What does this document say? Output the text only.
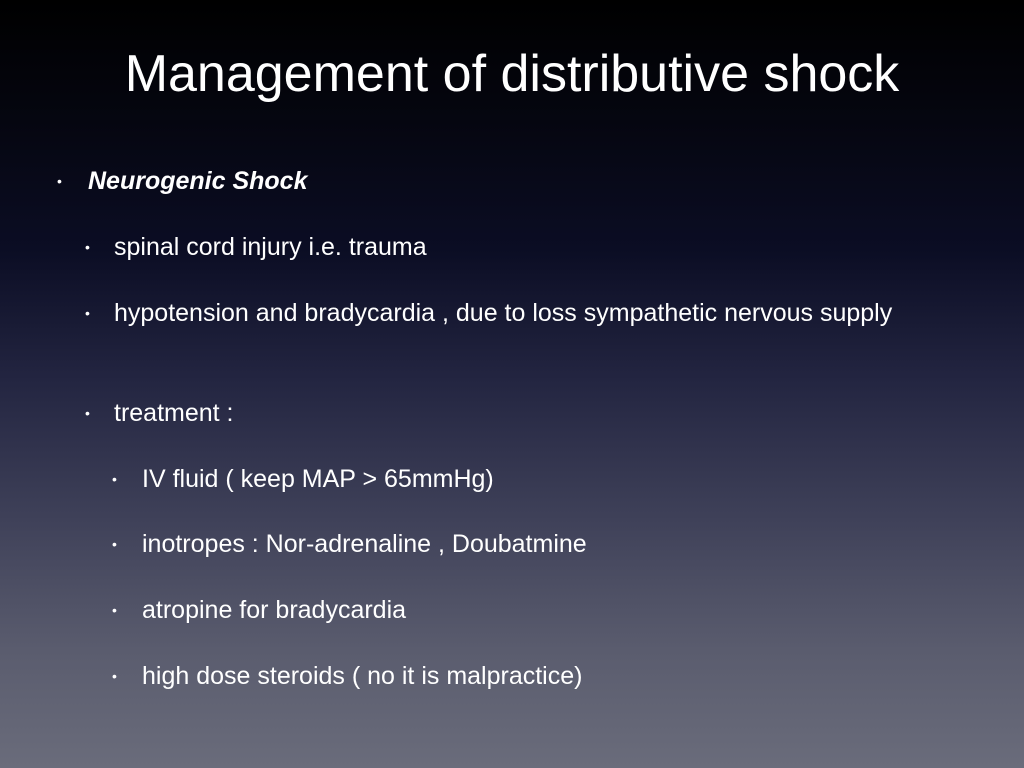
Management of distributive shock
•	Neurogenic Shock
• spinal cord injury i.e. trauma
• hypotension and bradycardia , due to loss sympathetic nervous supply
• treatment :
•	IV fluid ( keep MAP > 65mmHg)
•	inotropes : Nor-adrenaline , Doubatmine
•	atropine for bradycardia
•	high dose steroids ( no it is malpractice)
